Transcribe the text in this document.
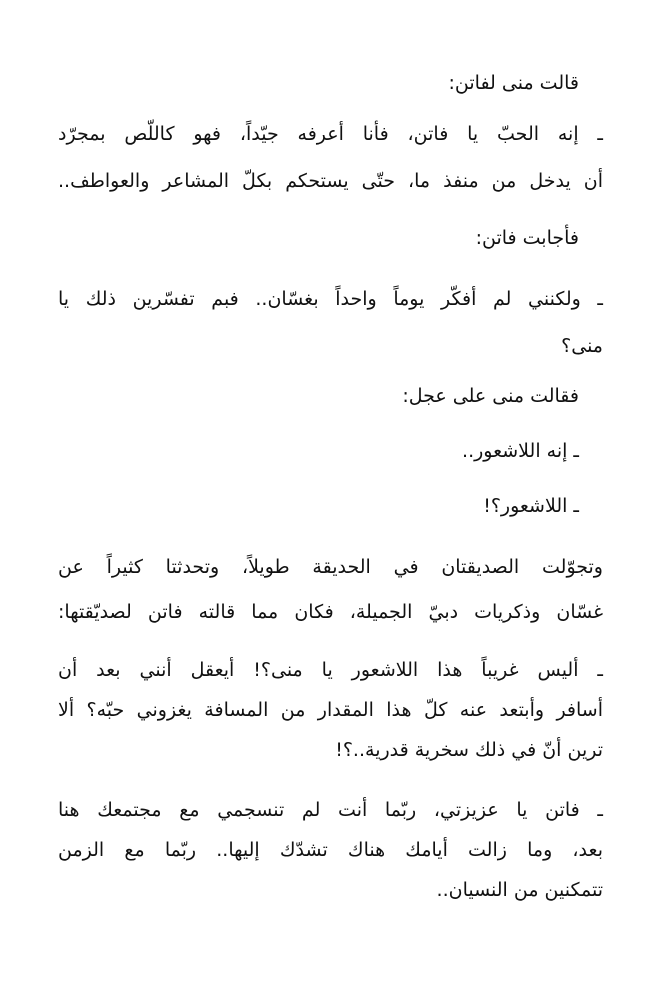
قالت منى لفاتن:
ـ إنه الحبّ يا فاتن، فأنا أعرفه جيّداً، فهو كاللّص بمجرّد
أن يدخل من منفذ ما، حتّى يستحكم بكلّ المشاعر والعواطف..
فأجابت فاتن:
ـ ولكنني لم أفكّر يوماً واحداً بغسّان.. فبم تفسّرين ذلك يا
منى؟
فقالت منى على عجل:
ـ إنه اللاشعور..
ـ اللاشعور؟!
وتجوّلت الصديقتان في الحديقة طويلاً، وتحدثتا كثيراً عن
غسّان وذكريات دبيّ الجميلة، فكان مما قالته فاتن لصديّقتها:
ـ أليس غريباً هذا اللاشعور يا منى؟! أيعقل أنني بعد أن
أسافر وأبتعد عنه كلّ هذا المقدار من المسافة يغزوني حبّه؟ ألا
ترين أنّ في ذلك سخرية قدرية..؟!
ـ فاتن يا عزيزتي، ربّما أنت لم تنسجمي مع مجتمعك هنا
بعد، وما زالت أيامك هناك تشدّك إليها.. ربّما مع الزمن
تتمكنين من النسيان..
